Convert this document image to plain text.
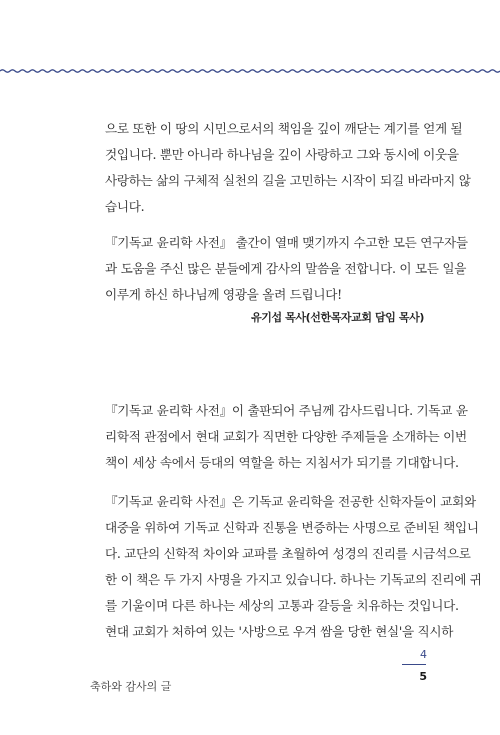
으로 또한 이 땅의 시민으로서의 책임을 깊이 깨닫는 계기를 얻게 될
것입니다. 뿐만 아니라 하나님을 깊이 사랑하고 그와 동시에 이웃을
사랑하는 삶의 구체적 실천의 길을 고민하는 시작이 되길 바라마지 않
습니다.
『기독교 윤리학 사전』 출간이 열매 맺기까지 수고한 모든 연구자들
과 도움을 주신 많은 분들에게 감사의 말씀을 전합니다. 이 모든 일을
이루게 하신 하나님께 영광을 올려 드립니다!
유기섭 목사(선한목자교회 담임 목사)
『기독교 윤리학 사전』이 출판되어 주님께 감사드립니다. 기독교 윤
리학적 관점에서 현대 교회가 직면한 다양한 주제들을 소개하는 이번
책이 세상 속에서 등대의 역할을 하는 지침서가 되기를 기대합니다.
『기독교 윤리학 사전』은 기독교 윤리학을 전공한 신학자들이 교회와
대중을 위하여 기독교 신학과 진통을 변증하는 사명으로 준비된 책입니
다. 교단의 신학적 차이와 교파를 초월하여 성경의 진리를 시금석으로
한 이 책은 두 가지 사명을 가지고 있습니다. 하나는 기독교의 진리에 귀
를 기울이며 다른 하나는 세상의 고통과 갈등을 치유하는 것입니다.
현대 교회가 처하여 있는 '사방으로 우겨 쌈을 당한 현실'을 직시하
축하와 감사의 글
4
5
